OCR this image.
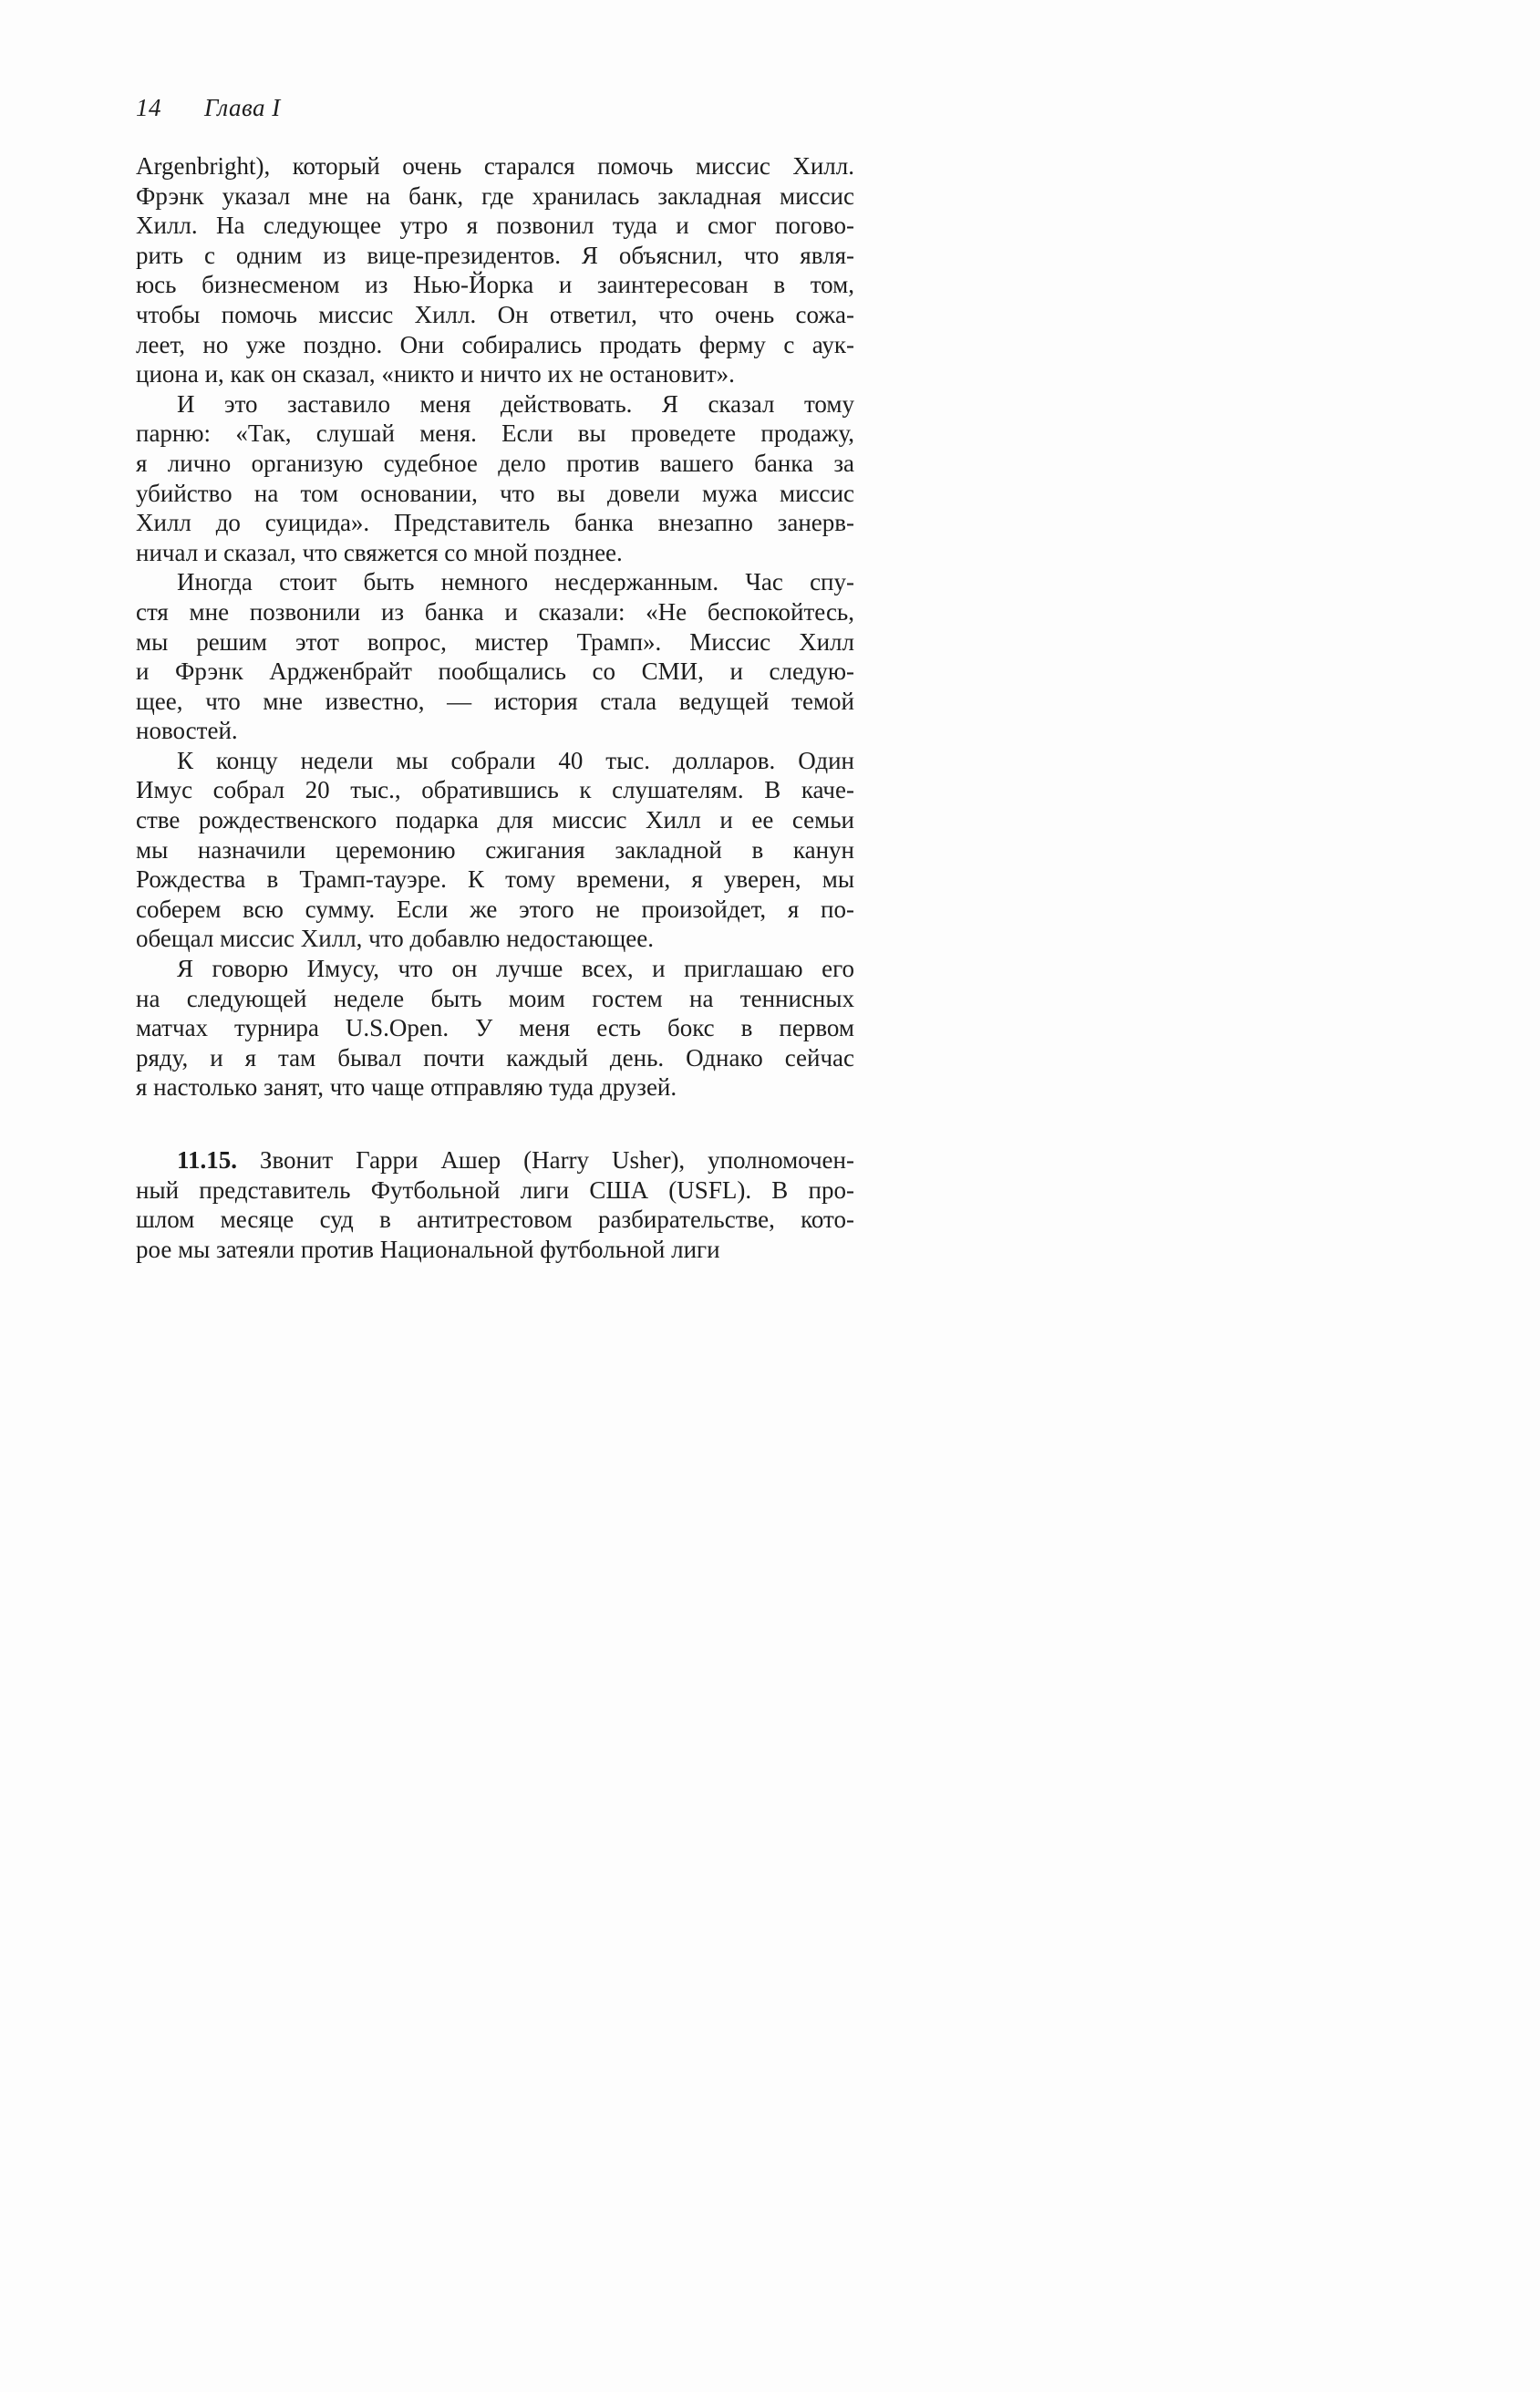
14 Глава I
Argenbright), который очень старался помочь миссис Хилл.
Фрэнк указал мне на банк, где хранилась закладная миссис
Хилл. На следующее утро я позвонил туда и смог погово-
рить с одним из вице-президентов. Я объяснил, что явля-
юсь бизнесменом из Нью-Йорка и заинтересован в том,
чтобы помочь миссис Хилл. Он ответил, что очень сожа-
леет, но уже поздно. Они собирались продать ферму с аук-
циона и, как он сказал, «никто и ничто их не остановит».
И это заставило меня действовать. Я сказал тому
парню: «Так, слушай меня. Если вы проведете продажу,
я лично организую судебное дело против вашего банка за
убийство на том основании, что вы довели мужа миссис
Хилл до суицида». Представитель банка внезапно занерв-
ничал и сказал, что свяжется со мной позднее.
Иногда стоит быть немного несдержанным. Час спу-
стя мне позвонили из банка и сказали: «Не беспокойтесь,
мы решим этот вопрос, мистер Трамп». Миссис Хилл
и Фрэнк Ардженбрайт пообщались со СМИ, и следую-
щее, что мне известно, — история стала ведущей темой
новостей.
К концу недели мы собрали 40 тыс. долларов. Один
Имус собрал 20 тыс., обратившись к слушателям. В каче-
стве рождественского подарка для миссис Хилл и ее семьи
мы назначили церемонию сжигания закладной в канун
Рождества в Трамп-тауэре. К тому времени, я уверен, мы
соберем всю сумму. Если же этого не произойдет, я по-
обещал миссис Хилл, что добавлю недостающее.
Я говорю Имусу, что он лучше всех, и приглашаю его
на следующей неделе быть моим гостем на теннисных
матчах турнира U.S.Open. У меня есть бокс в первом
ряду, и я там бывал почти каждый день. Однако сейчас
я настолько занят, что чаще отправляю туда друзей.
11.15. Звонит Гарри Ашер (Harry Usher), уполномочен-
ный представитель Футбольной лиги США (USFL). В про-
шлом месяце суд в антитрестовом разбирательстве, кото-
рое мы затеяли против Национальной футбольной лиги
